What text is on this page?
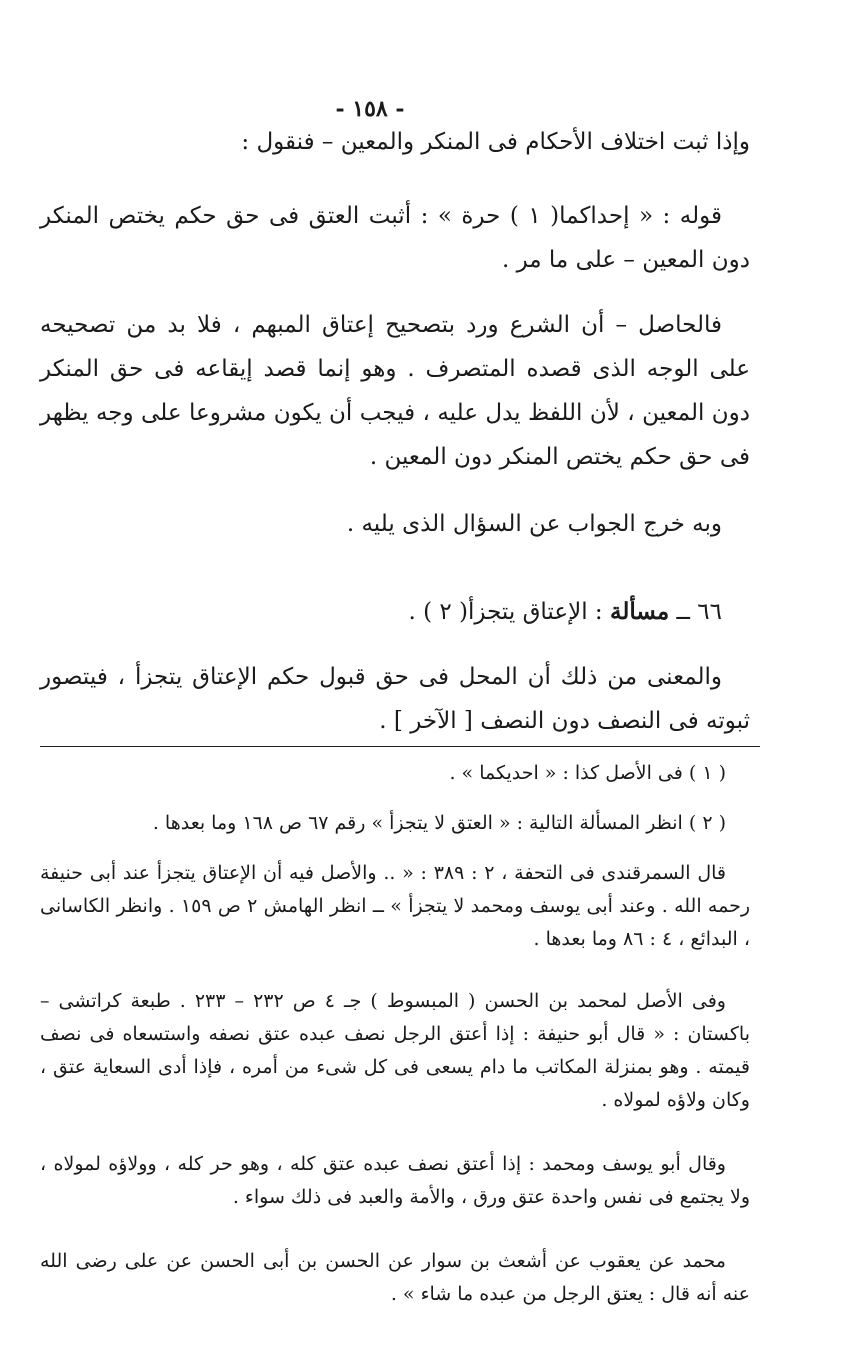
- ١٥٨ -

وإذا ثبت اختلاف الأحكام فى المنكر والمعين – فنقول :

قوله : « إحداكما( ١ ) حرة » : أثبت العتق فى حق حكم يختص المنكر دون المعين – على ما مر .

فالحاصل – أن الشرع ورد بتصحيح إعتاق المبهم ، فلا بد من تصحيحه على الوجه الذى قصده المتصرف . وهو إنما قصد إيقاعه فى حق المنكر دون المعين ، لأن اللفظ يدل عليه ، فيجب أن يكون مشروعا على وجه يظهر فى حق حكم يختص المنكر دون المعين .

وبه خرج الجواب عن السؤال الذى يليه .

٦٦ ــ مسألة : الإعتاق يتجزأ( ٢ ) .

والمعنى من ذلك أن المحل فى حق قبول حكم الإعتاق يتجزأ ، فيتصور ثبوته فى النصف دون النصف [ الآخر ] .

( ١ ) فى الأصل كذا : « احديكما » .

( ٢ ) انظر المسألة التالية : « العتق لا يتجزأ » رقم ٦٧ ص ١٦٨ وما بعدها .

قال السمرقندى فى التحفة ، ٢ : ٣٨٩ : « .. والأصل فيه أن الإعتاق يتجزأ عند أبى حنيفة رحمه الله . وعند أبى يوسف ومحمد لا يتجزأ » ــ انظر الهامش ٢ ص ١٥٩ . وانظر الكاسانى ، البدائع ، ٤ : ٨٦ وما بعدها .

وفى الأصل لمحمد بن الحسن ( المبسوط ) جـ ٤ ص ٢٣٢ – ٢٣٣ . طبعة كراتشى – باكستان : « قال أبو حنيفة : إذا أعتق الرجل نصف عبده عتق نصفه واستسعاه فى نصف قيمته . وهو بمنزلة المكاتب ما دام يسعى فى كل شىء من أمره ، فإذا أدى السعاية عتق ، وكان ولاؤه لمولاه .

وقال أبو يوسف ومحمد : إذا أعتق نصف عبده عتق كله ، وهو حر كله ، وولاؤه لمولاه ، ولا يجتمع فى نفس واحدة عتق ورق ، والأمة والعبد فى ذلك سواء .

محمد عن يعقوب عن أشعث بن سوار عن الحسن بن أبى الحسن عن على رضى الله عنه أنه قال : يعتق الرجل من عبده ما شاء » .
